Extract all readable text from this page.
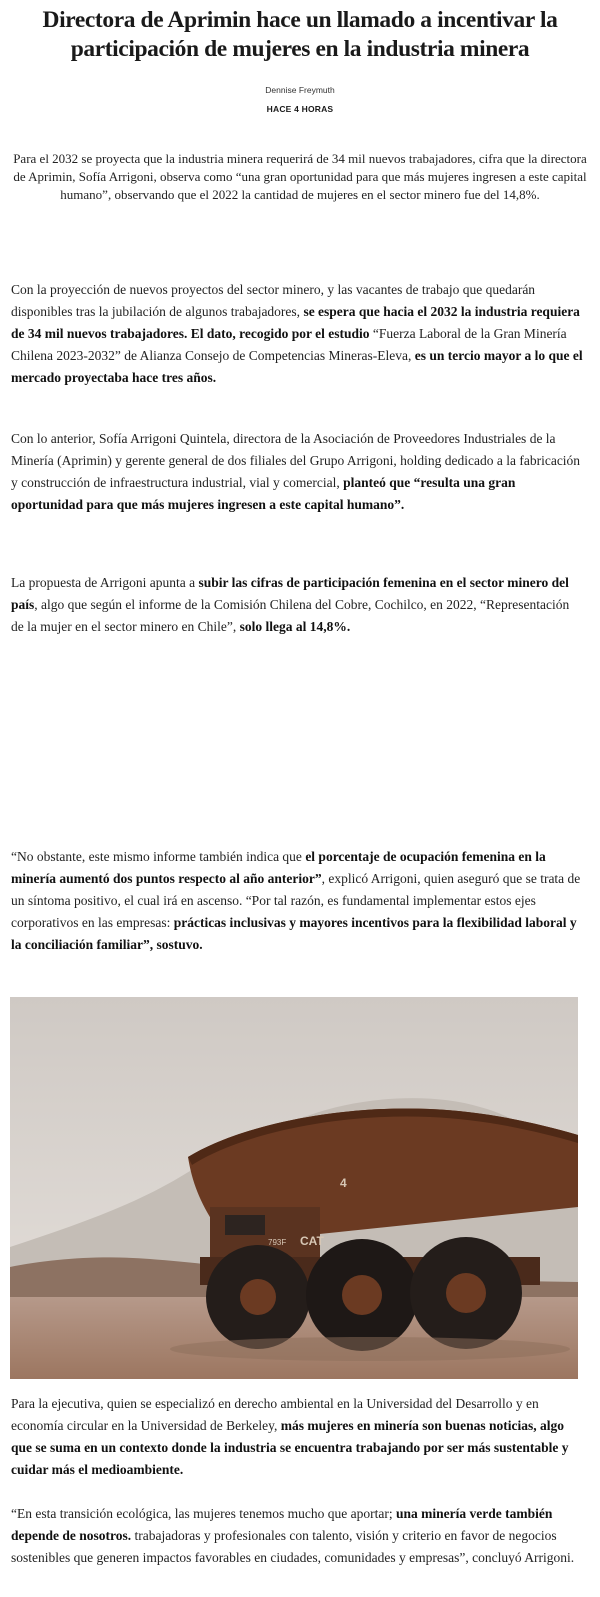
Directora de Aprimin hace un llamado a incentivar la participación de mujeres en la industria minera
Dennise Freymuth
HACE 4 HORAS

Para el 2032 se proyecta que la industria minera requerirá de 34 mil nuevos trabajadores, cifra que la directora de Aprimin, Sofía Arrigoni, observa como “una gran oportunidad para que más mujeres ingresen a este capital humano”, observando que el 2022 la cantidad de mujeres en el sector minero fue del 14,8%.

Con la proyección de nuevos proyectos del sector minero, y las vacantes de trabajo que quedarán disponibles tras la jubilación de algunos trabajadores, se espera que hacia el 2032 la industria requiera de 34 mil nuevos trabajadores. El dato, recogido por el estudio “Fuerza Laboral de la Gran Minería Chilena 2023-2032” de Alianza Consejo de Competencias Mineras-Eleva, es un tercio mayor a lo que el mercado proyectaba hace tres años.

Con lo anterior, Sofía Arrigoni Quintela, directora de la Asociación de Proveedores Industriales de la Minería (Aprimin) y gerente general de dos filiales del Grupo Arrigoni, holding dedicado a la fabricación y construcción de infraestructura industrial, vial y comercial, planteó que “resulta una gran oportunidad para que más mujeres ingresen a este capital humano”.

La propuesta de Arrigoni apunta a subir las cifras de participación femenina en el sector minero del país, algo que según el informe de la Comisión Chilena del Cobre, Cochilco, en 2022, “Representación de la mujer en el sector minero en Chile”, solo llega al 14,8%.

“No obstante, este mismo informe también indica que el porcentaje de ocupación femenina en la minería aumentó dos puntos respecto al año anterior”, explicó Arrigoni, quien aseguró que se trata de un síntoma positivo, el cual irá en ascenso. “Por tal razón, es fundamental implementar estos ejes corporativos en las empresas: prácticas inclusivas y mayores incentivos para la flexibilidad laboral y la conciliación familiar”, sostuvo.

CAT
793F
4

Para la ejecutiva, quien se especializó en derecho ambiental en la Universidad del Desarrollo y en economía circular en la Universidad de Berkeley, más mujeres en minería son buenas noticias, algo que se suma en un contexto donde la industria se encuentra trabajando por ser más sustentable y cuidar más el medioambiente.

“En esta transición ecológica, las mujeres tenemos mucho que aportar; una minería verde también depende de nosotros. trabajadoras y profesionales con talento, visión y criterio en favor de negocios sostenibles que generen impactos favorables en ciudades, comunidades y empresas”, concluyó Arrigoni.
